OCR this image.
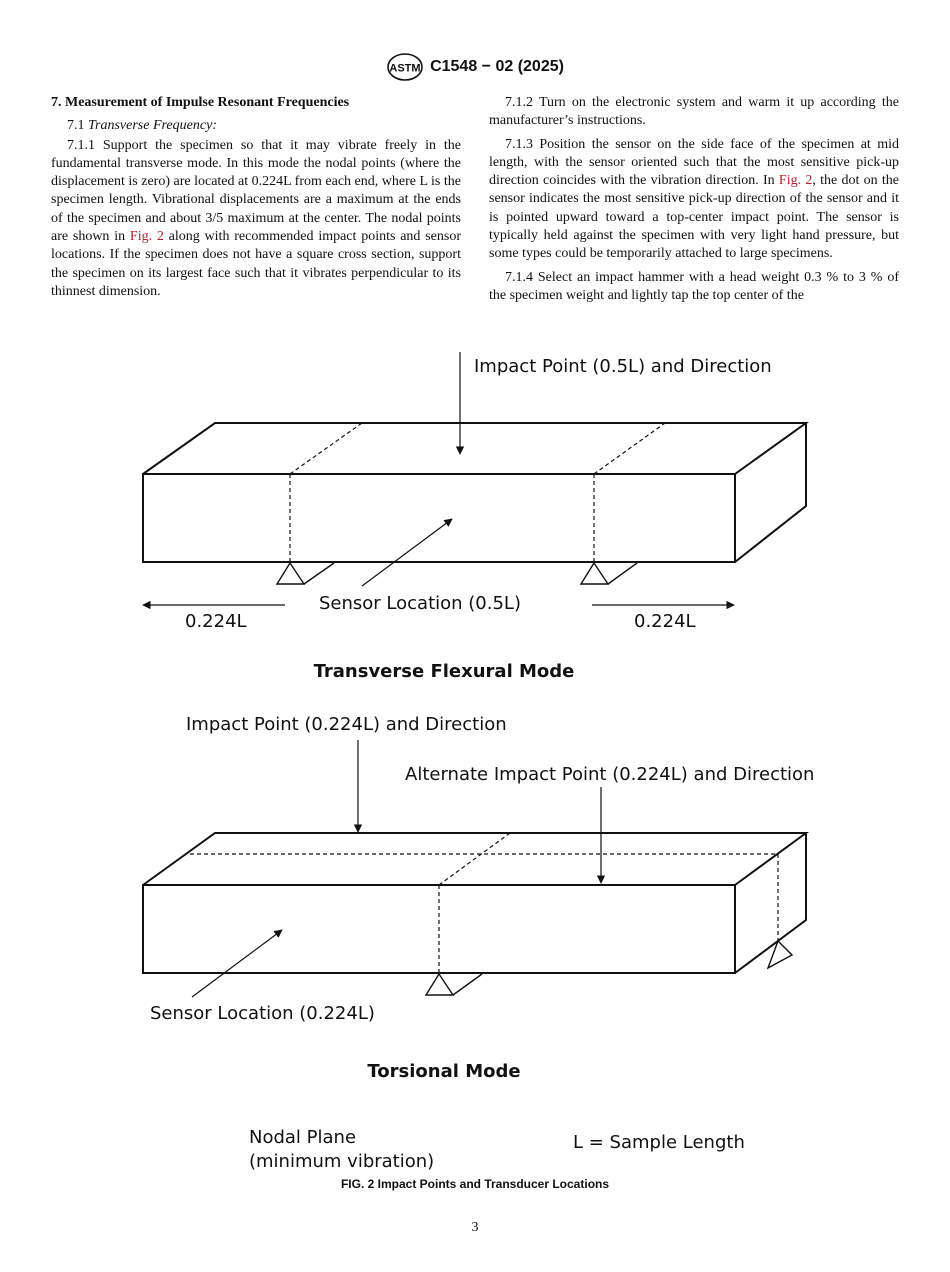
ASTM C1548 − 02 (2025)

7. Measurement of Impulse Resonant Frequencies

7.1 Transverse Frequency:

7.1.1 Support the specimen so that it may vibrate freely in the fundamental transverse mode. In this mode the nodal points (where the displacement is zero) are located at 0.224L from each end, where L is the specimen length. Vibrational displacements are a maximum at the ends of the specimen and about 3/5 maximum at the center. The nodal points are shown in Fig. 2 along with recommended impact points and sensor locations. If the specimen does not have a square cross section, support the specimen on its largest face such that it vibrates perpendicular to its thinnest dimension.

7.1.2 Turn on the electronic system and warm it up according the manufacturer’s instructions.

7.1.3 Position the sensor on the side face of the specimen at mid length, with the sensor oriented such that the most sensitive pick-up direction coincides with the vibration direction. In Fig. 2, the dot on the sensor indicates the most sensitive pick-up direction of the sensor and it is pointed upward toward a top-center impact point. The sensor is typically held against the specimen with very light hand pressure, but some types could be temporarily attached to large specimens.

7.1.4 Select an impact hammer with a head weight 0.3 % to 3 % of the specimen weight and lightly tap the top center of the

Impact Point (0.5L) and Direction
Sensor Location (0.5L)
0.224L	0.224L
Transverse Flexural Mode
Impact Point (0.224L) and Direction
Alternate Impact Point (0.224L) and Direction
Sensor Location (0.224L)
Torsional Mode
Nodal Plane
(minimum vibration)
L = Sample Length
FIG. 2 Impact Points and Transducer Locations
3
